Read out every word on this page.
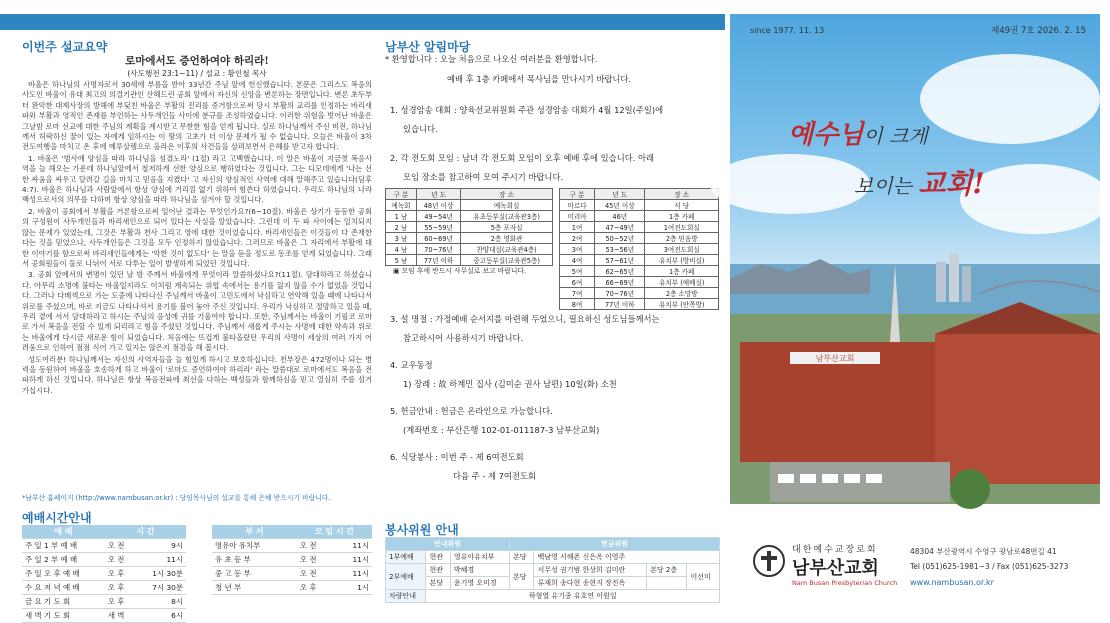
이번주 설교요약
로마에서도 증언하여야 하리라!
(사도행전 23:1~11) / 설교 : 황인철 목사

바울은 하나님의 사명자로서 30세에 부름을 받아 33년간 주님 앞에 헌신했습니다. 본문은 그리스도 복음의 사도인 바울이 유대 최고의 의결기관인 산헤드린 공회 앞에서 자신의 신앙을 변론하는 장면입니다. 변론 초두부터 완악한 대제사장의 방해에 부딪친 바울은 부활의 진리를 증거함으로써 당시 부활의 교리를 인정하는 바리새파와 부활과 영적인 존재를 부인하는 사두개인들 사이에 분규를 조성하였습니다. 이러한 위험을 벗어난 바울은 그날밤 로마 선교에 대한 주님의 계획을 계시받고 무한한 힘을 얻게 됩니다. 실로 하나님께서 주신 비전, 하나님께서 허락하신 꿈이 있는 자에게 임하시는 이 땅의 고초가 더 이상 문제가 될 수 없습니다. 오늘은 바울이 3차 전도여행을 마치고 온 후에 예루살렘으로 올라온 이후의 사건들을 살펴보면서 은혜를 받고자 합니다.

1. 바울은 '범사에 양심을 따라 하나님을 섬겼노라' (1절) 라고 고백했습니다. 이 말은 바울이 지금껏 복음사역을 늘 해오는 가운데 하나님앞에서 철저하게 선한 양심으로 행하였다는 것입니다. 그는 디모데에게 '나는 선한 싸움을 싸우고 달려갈 길을 마치고 믿음을 지켰다' 고 자신의 양심적인 사역에 대해 말해주고 있습니다(딤후4:7). 바울은 하나님과 사람앞에서 항상 양심에 거리낌 없기 위하여 힘쓴다 하였습니다. 우리도 하나님의 나라 백성으로서의 의무를 다하며 항상 양심을 따라 하나님을 섬겨야 할 것입니다.

2. 바울이 공회에서 부활을 거론함으로써 일어난 결과는 무엇인가요?(6~10절). 바울은 상기가 등등한 공회의 구성원이 사두개인들과 바리새인으로 되어 있다는 사실을 알았습니다. 그런데 이 두 파 사이에는 일치되지 않는 문제가 있었는데, 그것은 부활과 천사 그리고 영에 대한 것이었습니다. 바리새인들은 이것들이 다 존재한다는 것을 믿었으나, 사두개인들은 그것을 모두 인정하지 않았습니다. 그러므로 바울은 그 자리에서 부활에 대한 이야기를 함으로써 바리새인들에게는 '악한 것이 없도다' 는 말을 듣을 정도로 동조를 얻게 되었습니다. 그래서 공회원들이 둘로 나뉘어 서로 다투는 일이 발생하게 되었던 것입니다.

3. 공회 앞에서의 변명이 있던 날 밤 주께서 바울에게 무엇이라 말씀하셨나요?(11절). 담대하라고 하셨습니다. 아무리 소명에 불타는 바울일지라도 이처럼 계속되는 위협 속에서는 용기를 잃지 않을 수가 없었을 것입니다. 그러나 다메섹으로 가는 도중에 나타나신 주님께서 바울이 고민도에서 낙심하고 연약해 있을 때에 나타나서 위로를 주셨으며, 바로 지금도 나타나셔서 용기를 불어 놓아 주신 것입니다. 우리가 낙심하고 절망하고 있을 때, 우리 곁에 서서 담대하라고 하시는 주님의 음성에 귀를 기울여야 합니다. 또한, 주님께서는 바울이 기필코 로마로 가서 복음을 전할 수 있게 되리라고 힘을 주셨던 것입니다. 주님께서 새롭게 주시는 사명에 대한 약속과 위로는 바울에게 다시금 새로운 힘이 되었습니다. 처음에는 뜨겁게 불타올랐던 우리의 사명이 세상의 여러 가지 어려움으로 인하여 점점 식어 가고 있지는 않은지 점검을 해 봅시다.

성도여러분! 하나님께서는 자신의 사역자들을 늘 힘있게 하시고 보호하십니다. 천부장은 472명이나 되는 병력을 동원하여 바울을 호송하게 하고 바울이 '로마도 증언하여야 하리라' 라는 말씀대로 로마에서도 복음을 전파하게 하신 것입니다. 하나님은 항상 복음전파에 최선을 다하는 백성들과 함께하심을 믿고 열심히 주를 섬겨 가십시다.

*남부산 홈페이지 (http://www.nambusan.or.kr) : 당임목사님의 설교를 통해 은혜 받으시기 바랍니다.
예배시간안내
예 배	시 간	
주 일 1 부 예 배	오 전	9시
주 일 2 부 예 배	오 전	11시
주 일 오 후 예 배	오 후	1시 30분
수 요 저 녁 예 배	오 후	7시 30분
금 요 기 도 회	오 후	8시
새 벽 기 도 회	새 벽	6시
부 서	모 임 시 간	
영유아 유치부	오 전	11시
유 초 등 부	오 전	11시
중 고 등 부	오 전	11시
청 년 부	오 후	1시
남부산 알림마당
* 환영합니다 : 오늘 처음으로 나오신 여러분을 환영합니다.
예배 후 1층 카페에서 목사님을 만나시기 바랍니다.
1. 성경암송 대회 : 양육선교위원회 주관 성경암송 대회가 4월 12일(주일)에
있습니다.
2. 각 전도회 모임 : 남녀 각 전도회 모임이 오후 예배 후에 있습니다. 아래
모임 장소를 참고하여 모여 주시기 바랍니다.
구 분	년 도	장 소
예녹회	48년 이상	예녹회실
1 남	49~54년	유초등부실(교육관3층)
2 남	55~59년	5층 포자실
3 남	60~69년	2층 영화관
4 남	70~76년	찬양대실(교육관4층)
5 남	77년 이하	중고등부실(교육관5층)
▣ 모임 후에 반드시 사무실로 보고 바랍니다.
구 분	년 도	장 소
마르다	45년 이상	식 당
미리아	46년	1층 카페
1여	47~49년	1여전도회실
2여	50~52년	2층 믿음방
3여	53~56년	3여전도회실
4여	57~61년	유치부 (방비실)
5여	62~65년	1층 카페
6여	66~69년	유치부 (예배실)
7여	70~76년	2층 소망방
8여	77년 이하	유치부 (안쪽방)
3. 설 명절 : 가정예배 순서지를 마련해 두었으니, 필요하신 성도님들께서는
참고하시어 사용하시기 바랍니다.
4. 교우동정
1) 장례 : 故 하계민 집사 (김미순 권사 남편) 10일(화) 소천
5. 헌금안내 : 헌금은 온라인으로 가능합니다.
(계좌번호 : 부산은행 102-01-011187-3 남부산교회)
6. 식당봉사 : 이번 주 - 제 6여전도회
다음 주 - 제 7여전도회
봉사위원 안내
안내위원			헌금위원			
1부예배	현관	영유아유치부	본당	백남영 서해존 신은옥 이영주		
2부예배	현관	박혜경	본당	서무성 권기범 한상희 김미란	본당 2층	이선미
	본당	윤기영 오미경		류재희 송다현 송현지 장진옥		
차량안내	하형열 유기종 유호연 이원일					
since 1977. 11. 13	제49권 7호 2026. 2. 15
예수님이 크게
보이는 교회!
남부산교회
대한예수교장로회
남부산교회
Nam Busan Presbyterian Church
48304 부산광역시 수영구 광남로48번길 41
Tel (051)625-1981~3 / Fax (051)625-3273
www.nambusan.or.kr
